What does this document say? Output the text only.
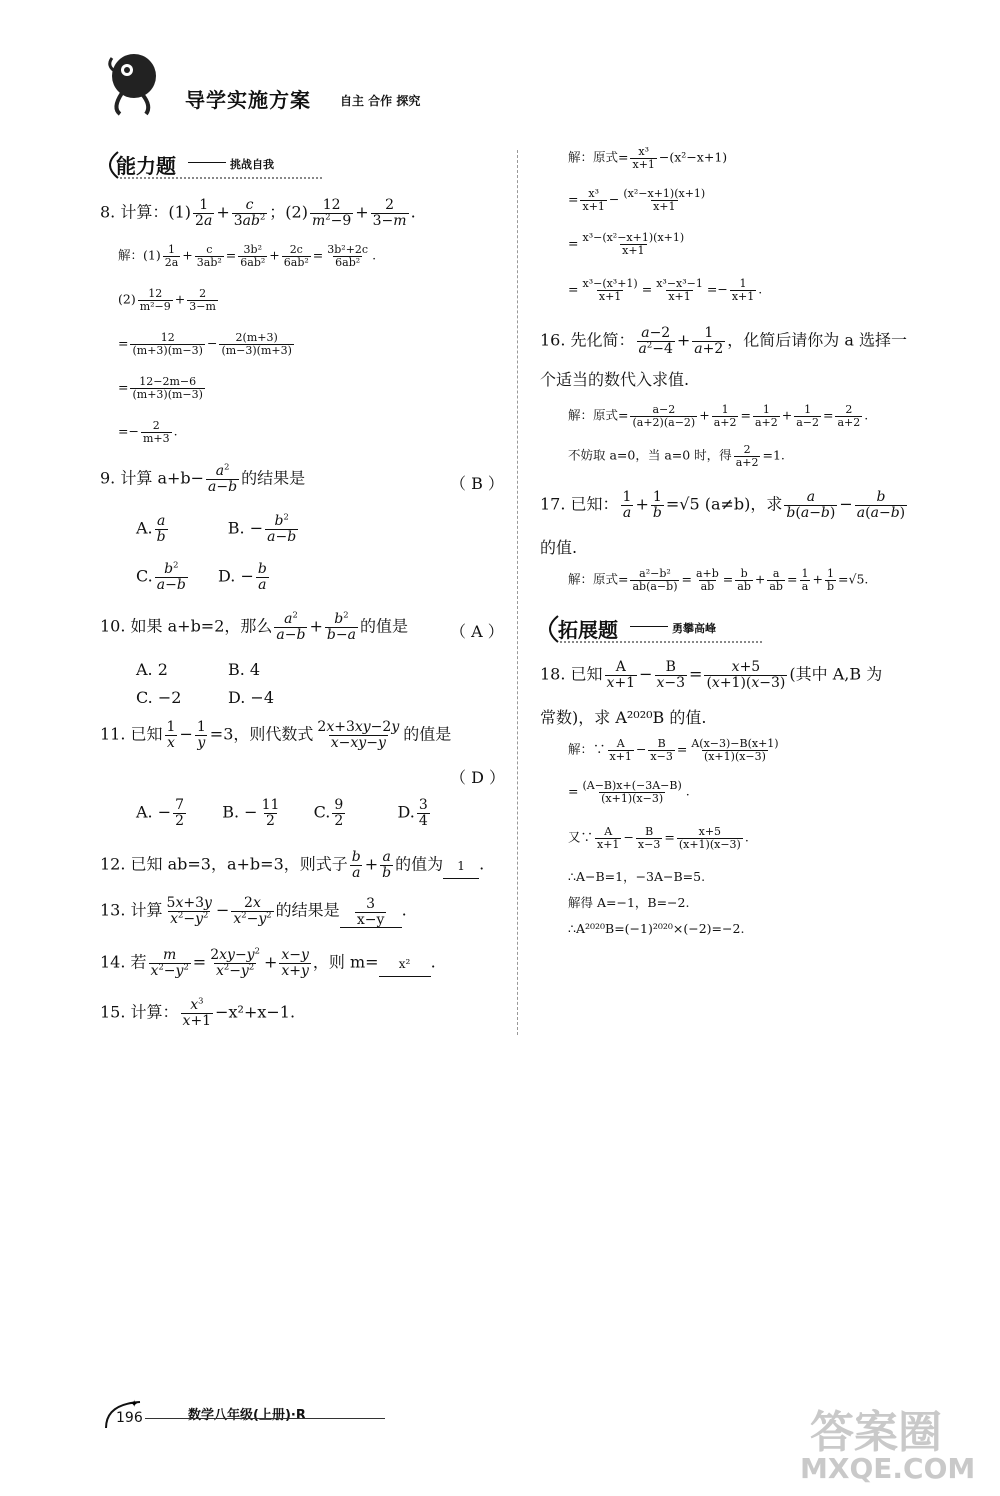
导学实施方案 自主 合作 探究
能力题	挑战自我
8. 计算：$(1) \frac{1}{2a} + \frac{c}{3ab^2}$ ；$(2) \frac{12}{m^2-9} + \frac{2}{3-m}$ .
解：$(1) \frac{1}{2a} + \frac{c}{\text{3ab²}} = \frac{\text{3b²}}{\text{6ab²}} + \frac{2c}{\text{6ab²}} = \frac{\text{3b²+2c}}{\text{6ab²}}$ .
$(2) \frac{12}{\text{m²−9}} + \frac{2}{3-m}$
= $\frac{12}{(m+3)(m-3)} - \frac{2(m+3)}{(m-3)(m+3)}$
= $\frac{12-2m-6}{(m+3)(m-3)}$
=− $\frac{2}{m+3}$ .
9. 计算 $a+b- \frac{a^2}{a-b}$ 的结果是	（ B ）
A. $\frac{a}{b}$	B. − $\frac{b^2}{a-b}$
C. $\frac{b^2}{a-b} D$. − $\frac{b}{a}$
10. 如果 a+b=2，那么 $\frac{a^2}{a-b} + \frac{b^2}{b-a}$ 的值是	（ A ）
A. 2	B. 4
C. −2	D. −4
11. 已知 $\frac{1}{x} - \frac{1}{y} =3$，则代数式 $\frac{2x+3xy-2y}{x-xy-y}$ 的值是
（ D ）
A. − $\frac{7}{2} B$. − $\frac{11}{2} C$. $\frac{9}{2}$	D. $\frac{3}{4}$
12. 已知 ab=3，a+b=3，则式子 $\frac{b}{a} + \frac{a}{b}$ 的值为 1 .
13. 计算 $\frac{5x+3y}{x^2-y^2} - \frac{2x}{x^2-y^2}$ 的结果是 $\frac{3}{x-y}$ .
14. 若 $\frac{m}{x^2-y^2} = \frac{2xy-y^2}{x^2-y^2} + \frac{x-y}{x+y}$ ，则 m= x² .
15. 计算： $\frac{x^3}{x+1} -x^2+x-1$.
解：原式= $\frac{\text{x³}}{x+1} -(x^2-x+1)$
= $\frac{\text{x³}}{x+1} - \frac{\text{(x²−x+1)(x+1)}}{x+1}$
= $\frac{\text{x³−(x²−x+1)(x+1)}}{x+1}$
= $\frac{\text{x³−(x³+1)}}{x+1} = \frac{\text{x³−x³−1}}{x+1} =- \frac{1}{x+1}$ .
16. 先化简： $\frac{a-2}{a^2-4} + \frac{1}{a+2}$ ，化简后请你为 a 选择一
个适当的数代入求值.
解：原式= $\frac{a-2}{(a+2)(a-2)} + \frac{1}{a+2} = \frac{1}{a+2} + \frac{1}{a-2} = \frac{2}{a+2}$ .
不妨取 a=0，当 a=0 时，得 $\frac{2}{a+2} =1$.
17. 已知： $\frac{1}{a} + \frac{1}{b} =√5$ (a≠b)，求 $\frac{a}{b(a-b)} - \frac{b}{a(a-b)}$
的值.
解：原式= $\frac{\text{a²−b²}}{ab(a-b)} = \frac{a+b}{ab} = \frac{b}{ab} + \frac{a}{ab} = \frac{1}{a} + \frac{1}{b} =√5$.
拓展题	勇攀高峰
18. 已知 $\frac{A}{x+1} - \frac{B}{x-3} = \frac{x+5}{(x+1)(x-3)}$ (其中 A,B 为
常数)，求 A²⁰²⁰B 的值.
解：∵ $\frac{A}{x+1} - \frac{B}{x-3} = \frac{A(x-3)-B(x+1)}{(x+1)(x-3)}$
= $\frac{(A-B)x+(-3A-B)}{(x+1)(x-3)}$ .
又∵ $\frac{A}{x+1} - \frac{B}{x-3} = \frac{x+5}{(x+1)(x-3)}$ .
∴A−B=1，−3A−B=5.
解得 A=−1，B=−2.
∴A²⁰²⁰B=(−1)²⁰²⁰×(−2)=−2.
✦
196	数学八年级(上册)·R	答案圈
MXQE.COM
